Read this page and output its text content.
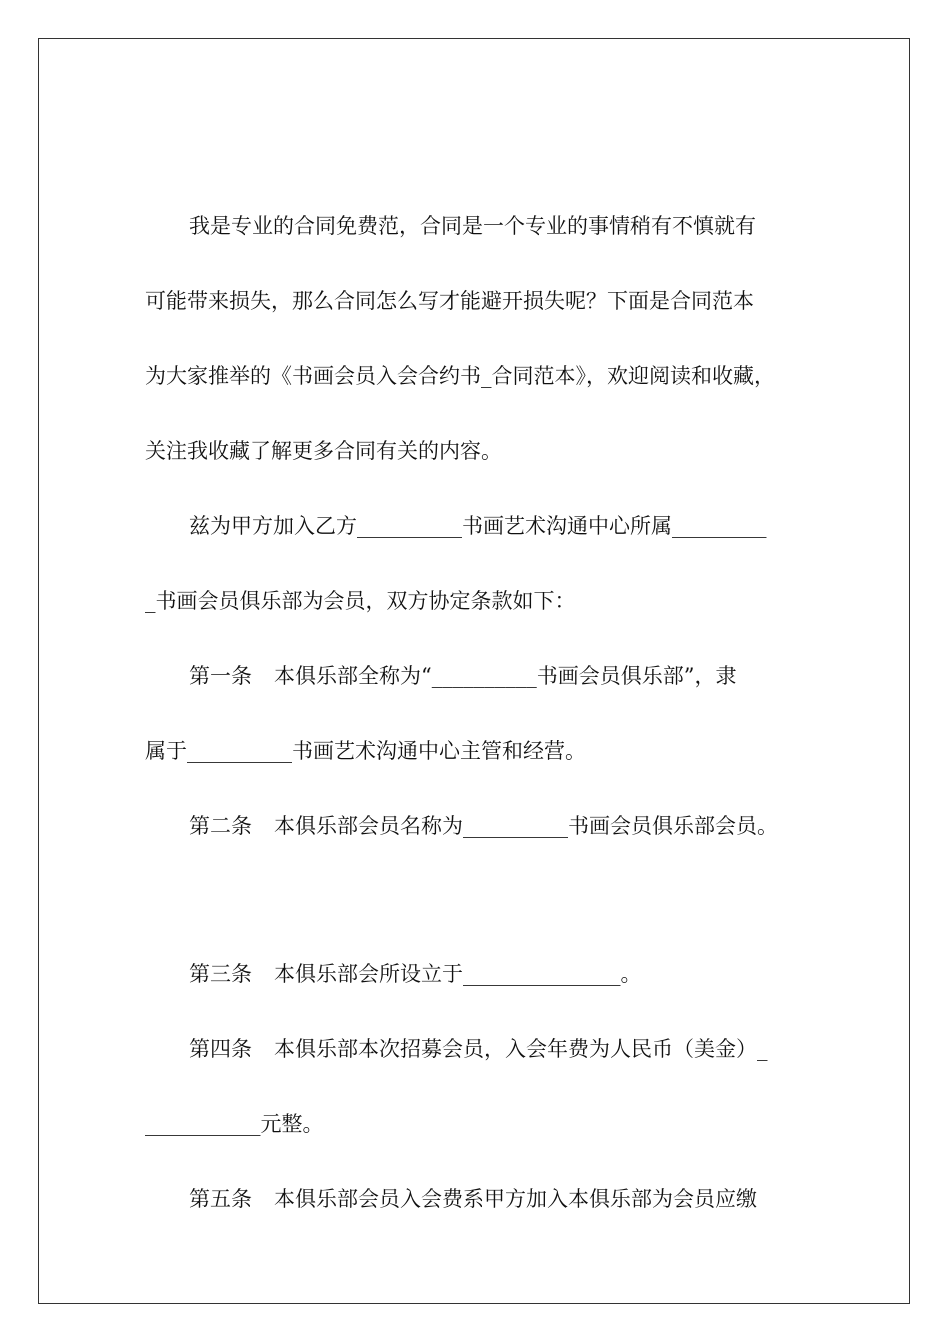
我是专业的合同免费范，合同是一个专业的事情稍有不慎就有
可能带来损失，那么合同怎么写才能避开损失呢？下面是合同范本
为大家推举的《书画会员入会合约书_合同范本》，欢迎阅读和收藏，
关注我收藏了解更多合同有关的内容。
兹为甲方加入乙方__________书画艺术沟通中心所属_________
_书画会员俱乐部为会员，双方协定条款如下：
第一条 本俱乐部全称为“__________书画会员俱乐部”，隶
属于__________书画艺术沟通中心主管和经营。
第二条 本俱乐部会员名称为__________书画会员俱乐部会员。
第三条 本俱乐部会所设立于_______________。
第四条 本俱乐部本次招募会员，入会年费为人民币（美金）_
___________元整。
第五条 本俱乐部会员入会费系甲方加入本俱乐部为会员应缴
